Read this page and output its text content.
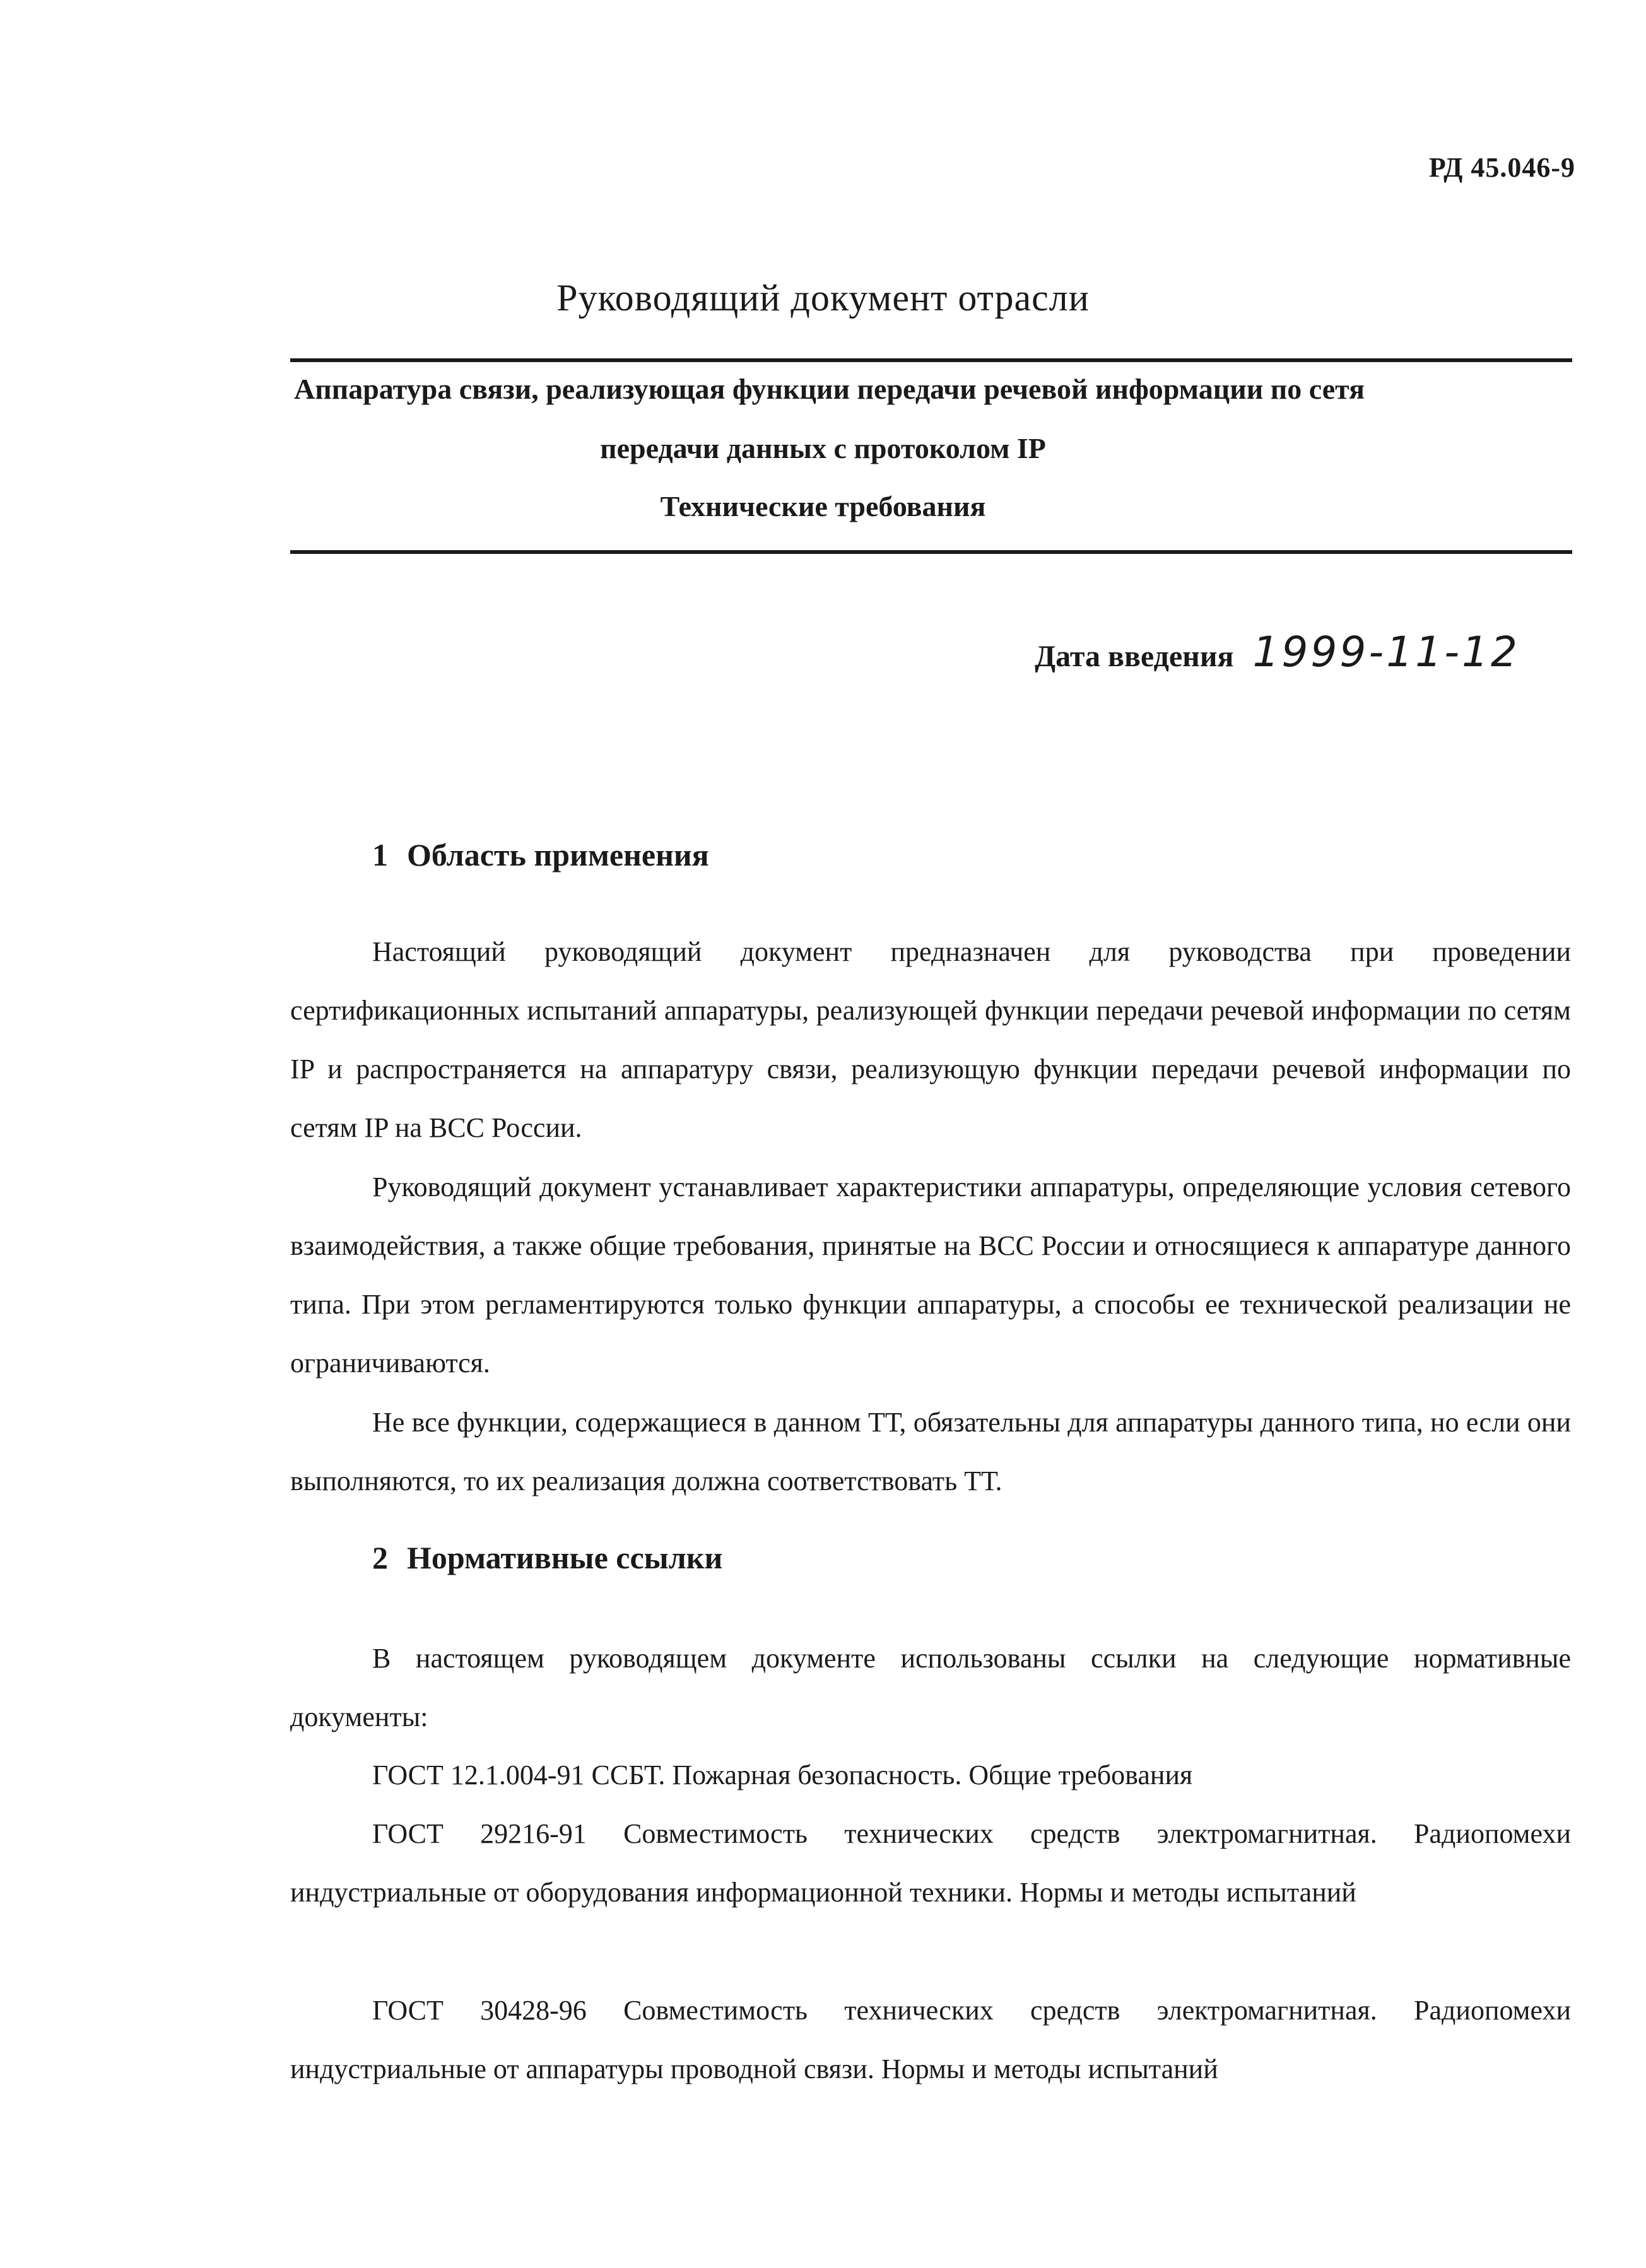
РД 45.046-9
Руководящий документ отрасли
Аппаратура связи, реализующая функции передачи речевой информации по сетя
передачи данных с протоколом IP
Технические требования
Дата введения 1999-11-12
1 Область применения
Настоящий руководящий документ предназначен для руководства при проведении сертификационных испытаний аппаратуры, реализующей функции передачи речевой информации по сетям IP и распространяется на аппаратуру связи, реализующую функции передачи речевой информации по сетям IP на ВСС России.
Руководящий документ устанавливает характеристики аппаратуры, определяющие условия сетевого взаимодействия, а также общие требования, принятые на ВСС России и относящиеся к аппаратуре данного типа. При этом регламентируются только функции аппаратуры, а способы ее технической реализации не ограничиваются.
Не все функции, содержащиеся в данном ТТ, обязательны для аппаратуры данного типа, но если они выполняются, то их реализация должна соответствовать ТТ.
2 Нормативные ссылки
В настоящем руководящем документе использованы ссылки на следующие нормативные документы:
ГОСТ 12.1.004-91 ССБТ. Пожарная безопасность. Общие требования
ГОСТ 29216-91 Совместимость технических средств электромагнитная. Радиопомехи индустриальные от оборудования информационной техники. Нормы и методы испытаний
ГОСТ 30428-96 Совместимость технических средств электромагнитная. Радиопомехи индустриальные от аппаратуры проводной связи. Нормы и методы испытаний
